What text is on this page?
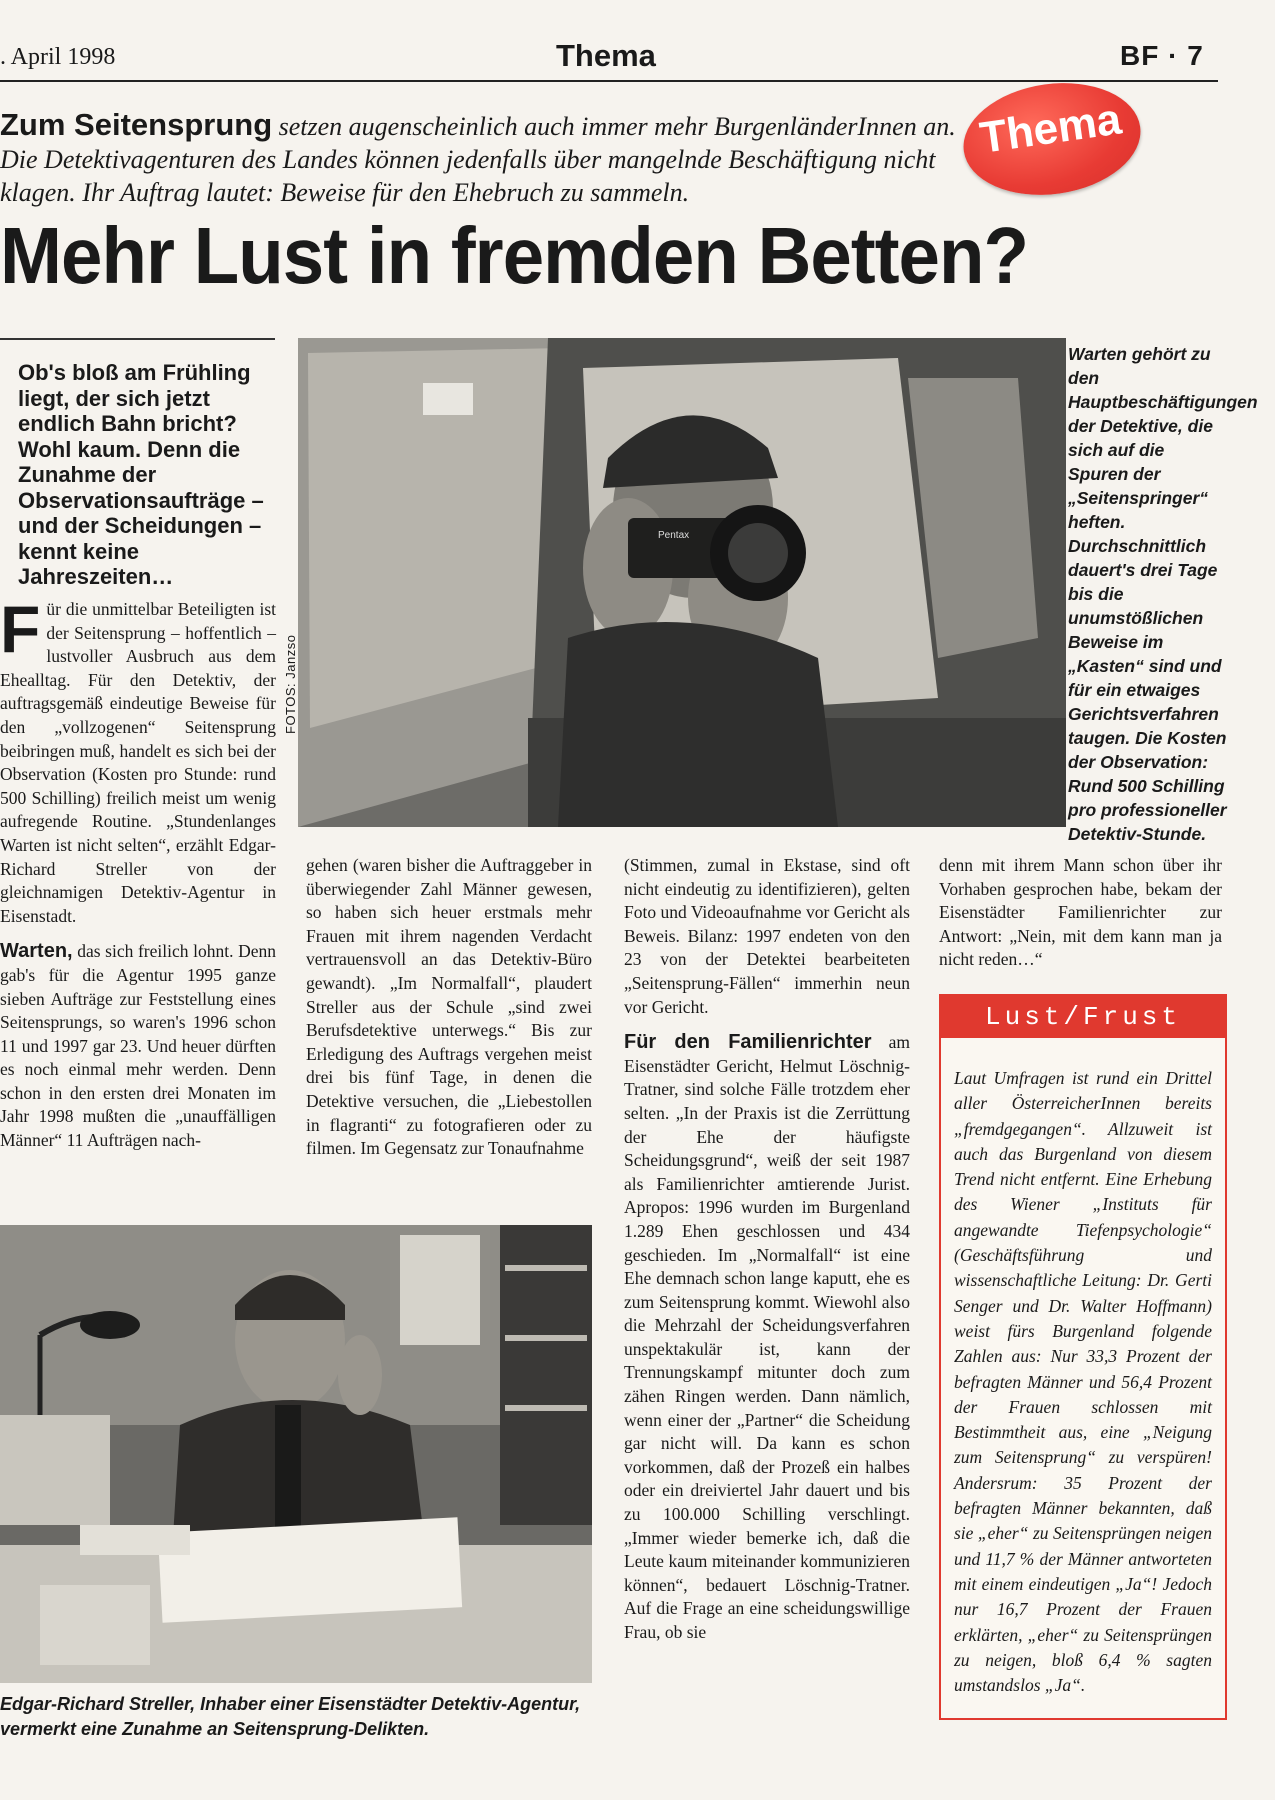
. April 1998	Thema	BF · 7
Thema
Zum Seitensprung setzen augenscheinlich auch immer mehr BurgenländerInnen an. Die Detektivagenturen des Landes können jedenfalls über mangelnde Beschäftigung nicht klagen. Ihr Auftrag lautet: Beweise für den Ehebruch zu sammeln.
Mehr Lust in fremden Betten?
Ob's bloß am Frühling liegt, der sich jetzt endlich Bahn bricht? Wohl kaum. Denn die Zunahme der Observationsaufträge – und der Scheidungen – kennt keine Jahreszeiten…

Für die unmittelbar Beteiligten ist der Seitensprung – hoffentlich – lustvoller Ausbruch aus dem Ehealltag. Für den Detektiv, der auftragsgemäß eindeutige Beweise für den „vollzogenen“ Seitensprung beibringen muß, handelt es sich bei der Observation (Kosten pro Stunde: rund 500 Schilling) freilich meist um wenig aufregende Routine. „Stundenlanges Warten ist nicht selten“, erzählt Edgar-Richard Streller von der gleichnamigen Detektiv-Agentur in Eisenstadt.

Warten, das sich freilich lohnt. Denn gab's für die Agentur 1995 ganze sieben Aufträge zur Feststellung eines Seitensprungs, so waren's 1996 schon 11 und 1997 gar 23. Und heuer dürften es noch einmal mehr werden. Denn schon in den ersten drei Monaten im Jahr 1998 mußten die „unauffälligen Männer“ 11 Aufträgen nach-

Pentax
FOTOS: Janzso
Warten gehört zu den Hauptbeschäftigungen der Detektive, die sich auf die Spuren der „Seitenspringer“ heften. Durchschnittlich dauert's drei Tage bis die unumstößlichen Beweise im „Kasten“ sind und für ein etwaiges Gerichtsverfahren taugen. Die Kosten der Observation: Rund 500 Schilling pro professioneller Detektiv-Stunde.

gehen (waren bisher die Auftraggeber in überwiegender Zahl Männer gewesen, so haben sich heuer erstmals mehr Frauen mit ihrem nagenden Verdacht vertrauensvoll an das Detektiv-Büro gewandt). „Im Normalfall“, plaudert Streller aus der Schule „sind zwei Berufsdetektive unterwegs.“ Bis zur Erledigung des Auftrags vergehen meist drei bis fünf Tage, in denen die Detektive versuchen, die „Liebestollen in flagranti“ zu fotografieren oder zu filmen. Im Gegensatz zur Tonaufnahme

(Stimmen, zumal in Ekstase, sind oft nicht eindeutig zu identifizieren), gelten Foto und Videoaufnahme vor Gericht als Beweis. Bilanz: 1997 endeten von den 23 von der Detektei bearbeiteten „Seitensprung-Fällen“ immerhin neun vor Gericht.

Für den Familienrichter am Eisenstädter Gericht, Helmut Löschnig-Tratner, sind solche Fälle trotzdem eher selten. „In der Praxis ist die Zerrüttung der Ehe der häufigste Scheidungsgrund“, weiß der seit 1987 als Familienrichter amtierende Jurist. Apropos: 1996 wurden im Burgenland 1.289 Ehen geschlossen und 434 geschieden. Im „Normalfall“ ist eine Ehe demnach schon lange kaputt, ehe es zum Seitensprung kommt. Wiewohl also die Mehrzahl der Scheidungsverfahren unspektakulär ist, kann der Trennungskampf mitunter doch zum zähen Ringen werden. Dann nämlich, wenn einer der „Partner“ die Scheidung gar nicht will. Da kann es schon vorkommen, daß der Prozeß ein halbes oder ein dreiviertel Jahr dauert und bis zu 100.000 Schilling verschlingt. „Immer wieder bemerke ich, daß die Leute kaum miteinander kommunizieren können“, bedauert Löschnig-Tratner. Auf die Frage an eine scheidungswillige Frau, ob sie

denn mit ihrem Mann schon über ihr Vorhaben gesprochen habe, bekam der Eisenstädter Familienrichter zur Antwort: „Nein, mit dem kann man ja nicht reden…“

Edgar-Richard Streller, Inhaber einer Eisenstädter Detektiv-Agentur, vermerkt eine Zunahme an Seitensprung-Delikten.
Lust/Frust
Laut Umfragen ist rund ein Drittel aller ÖsterreicherInnen bereits „fremdgegangen“. Allzuweit ist auch das Burgenland von diesem Trend nicht entfernt. Eine Erhebung des Wiener „Instituts für angewandte Tiefenpsychologie“ (Geschäftsführung und wissenschaftliche Leitung: Dr. Gerti Senger und Dr. Walter Hoffmann) weist fürs Burgenland folgende Zahlen aus: Nur 33,3 Prozent der befragten Männer und 56,4 Prozent der Frauen schlossen mit Bestimmtheit aus, eine „Neigung zum Seitensprung“ zu verspüren! Andersrum: 35 Prozent der befragten Männer bekannten, daß sie „eher“ zu Seitensprüngen neigen und 11,7 % der Männer antworteten mit einem eindeutigen „Ja“! Jedoch nur 16,7 Prozent der Frauen erklärten, „eher“ zu Seitensprüngen zu neigen, bloß 6,4 % sagten umstandslos „Ja“.
